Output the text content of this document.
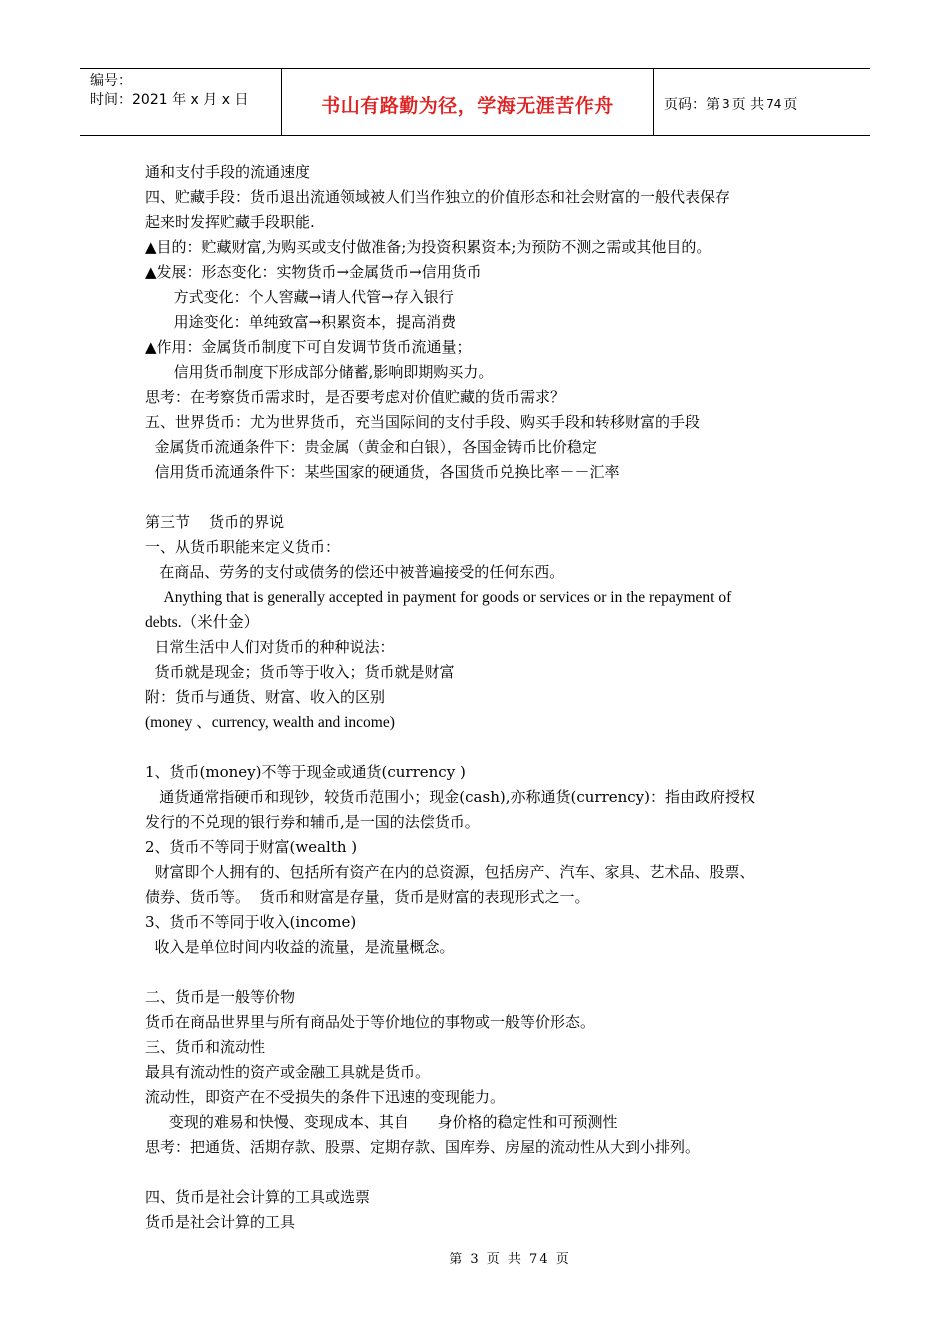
编号：
时间：2021 年 x 月 x 日	书山有路勤为径，学海无涯苦作舟	页码：第 3 页 共 74 页
通和支付手段的流通速度
四、贮藏手段：货币退出流通领域被人们当作独立的价值形态和社会财富的一般代表保存
起来时发挥贮藏手段职能.
▲目的：贮藏财富,为购买或支付做准备;为投资积累资本;为预防不测之需或其他目的。
▲发展：形态变化：实物货币→金属货币→信用货币
方式变化：个人窖藏→请人代管→存入银行
用途变化：单纯致富→积累资本，提高消费
▲作用：金属货币制度下可自发调节货币流通量；
信用货币制度下形成部分储蓄,影响即期购买力。
思考：在考察货币需求时，是否要考虑对价值贮藏的货币需求？
五、世界货币：尤为世界货币，充当国际间的支付手段、购买手段和转移财富的手段
金属货币流通条件下：贵金属（黄金和白银），各国金铸币比价稳定
信用货币流通条件下：某些国家的硬通货，各国货币兑换比率－－汇率
第三节    货币的界说
一、从货币职能来定义货币：
在商品、劳务的支付或债务的偿还中被普遍接受的任何东西。
Anything that is generally accepted in payment for goods or services or in the repayment of
debts.（米什金）
日常生活中人们对货币的种种说法：
货币就是现金；货币等于收入；货币就是财富
附：货币与通货、财富、收入的区别
(money 、currency, wealth and income)
1、货币(money)不等于现金或通货(currency )
通货通常指硬币和现钞，较货币范围小；现金(cash),亦称通货(currency)：指由政府授权
发行的不兑现的银行券和辅币,是一国的法偿货币。
2、货币不等同于财富(wealth )
财富即个人拥有的、包括所有资产在内的总资源，包括房产、汽车、家具、艺术品、股票、
债券、货币等。  货币和财富是存量，货币是财富的表现形式之一。
3、货币不等同于收入(income)
收入是单位时间内收益的流量，是流量概念。
二、货币是一般等价物
货币在商品世界里与所有商品处于等价地位的事物或一般等价形态。
三、货币和流动性
最具有流动性的资产或金融工具就是货币。
流动性，即资产在不受损失的条件下迅速的变现能力。
变现的难易和快慢、变现成本、其自      身价格的稳定性和可预测性
思考：把通货、活期存款、股票、定期存款、国库券、房屋的流动性从大到小排列。
四、货币是社会计算的工具或选票
货币是社会计算的工具
第 3 页 共 74 页
